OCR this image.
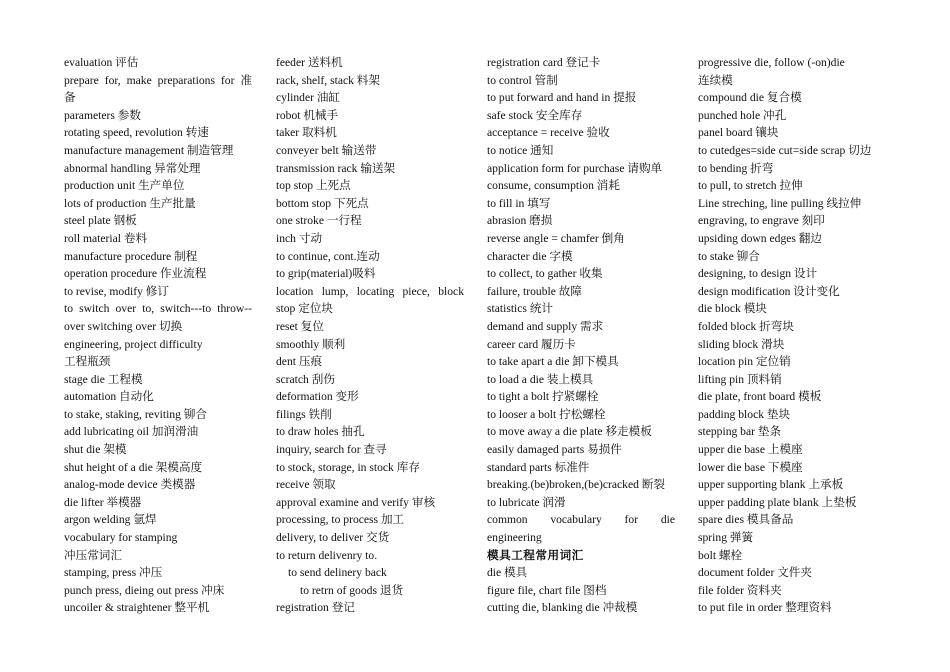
evaluation 评估
prepare for, make preparations for 准
备
parameters 参数
rotating speed, revolution 转速
manufacture management 制造管理
abnormal handling 异常处理
production unit 生产单位
lots of production 生产批量
steel plate 钢板
roll material 卷料
manufacture procedure 制程
operation procedure 作业流程
to revise, modify 修订
to switch over to, switch---to throw--
over switching over 切换
engineering, project difficulty
工程瓶颈
stage die 工程模
automation 自动化
to stake, staking, reviting 铆合
add lubricating oil 加润滑油
shut die 架模
shut height of a die 架模高度
analog-mode device 类模器
die lifter 举模器
argon welding 氩焊
vocabulary for stamping
冲压常词汇
stamping, press 冲压
punch press, dieing out press 冲床
uncoiler & straightener 整平机
feeder 送料机
rack, shelf, stack 料架
cylinder 油缸
robot 机械手
taker 取料机
conveyer belt 输送带
transmission rack 输送架
top stop 上死点
bottom stop 下死点
one stroke 一行程
inch 寸动
to continue, cont.连动
to grip(material)吸料
location lump, locating piece, block
stop 定位块
reset 复位
smoothly 顺利
dent 压痕
scratch 刮伤
deformation 变形
filings 铁削
to draw holes 抽孔
inquiry, search for 查寻
to stock, storage, in stock 库存
receive 领取
approval examine and verify 审核
processing, to process 加工
delivery, to deliver 交货
to return delivenry to.
to send delinery back
to retrn of goods 退货
registration 登记
registration card 登记卡
to control 管制
to put forward and hand in 提报
safe stock 安全库存
acceptance = receive 验收
to notice 通知
application form for purchase 请购单
consume, consumption 消耗
to fill in 填写
abrasion 磨损
reverse angle = chamfer 倒角
character die 字模
to collect, to gather 收集
failure, trouble 故障
statistics 统计
demand and supply 需求
career card 履历卡
to take apart a die 卸下模具
to load a die 装上模具
to tight a bolt 拧紧螺栓
to looser a bolt 拧松螺栓
to move away a die plate 移走模板
easily damaged parts 易损件
standard parts 标准件
breaking.(be)broken,(be)cracked 断裂
to lubricate 润滑
common vocabulary for die
engineering
模具工程常用词汇
die 模具
figure file, chart file 图档
cutting die, blanking die 冲裁模
progressive die, follow (-on)die
连续模
compound die 复合模
punched hole 冲孔
panel board 镶块
to cutedges=side cut=side scrap 切边
to bending 折弯
to pull, to stretch 拉伸
Line streching, line pulling 线拉伸
engraving, to engrave 刻印
upsiding down edges 翻边
to stake 铆合
designing, to design 设计
design modification 设计变化
die block 模块
folded block 折弯块
sliding block 滑块
location pin 定位销
lifting pin 顶料销
die plate, front board 模板
padding block 垫块
stepping bar 垫条
upper die base 上模座
lower die base 下模座
upper supporting blank 上承板
upper padding plate blank 上垫板
spare dies 模具备品
spring 弹簧
bolt 螺栓
document folder 文件夹
file folder 资料夹
to put file in order 整理资料
